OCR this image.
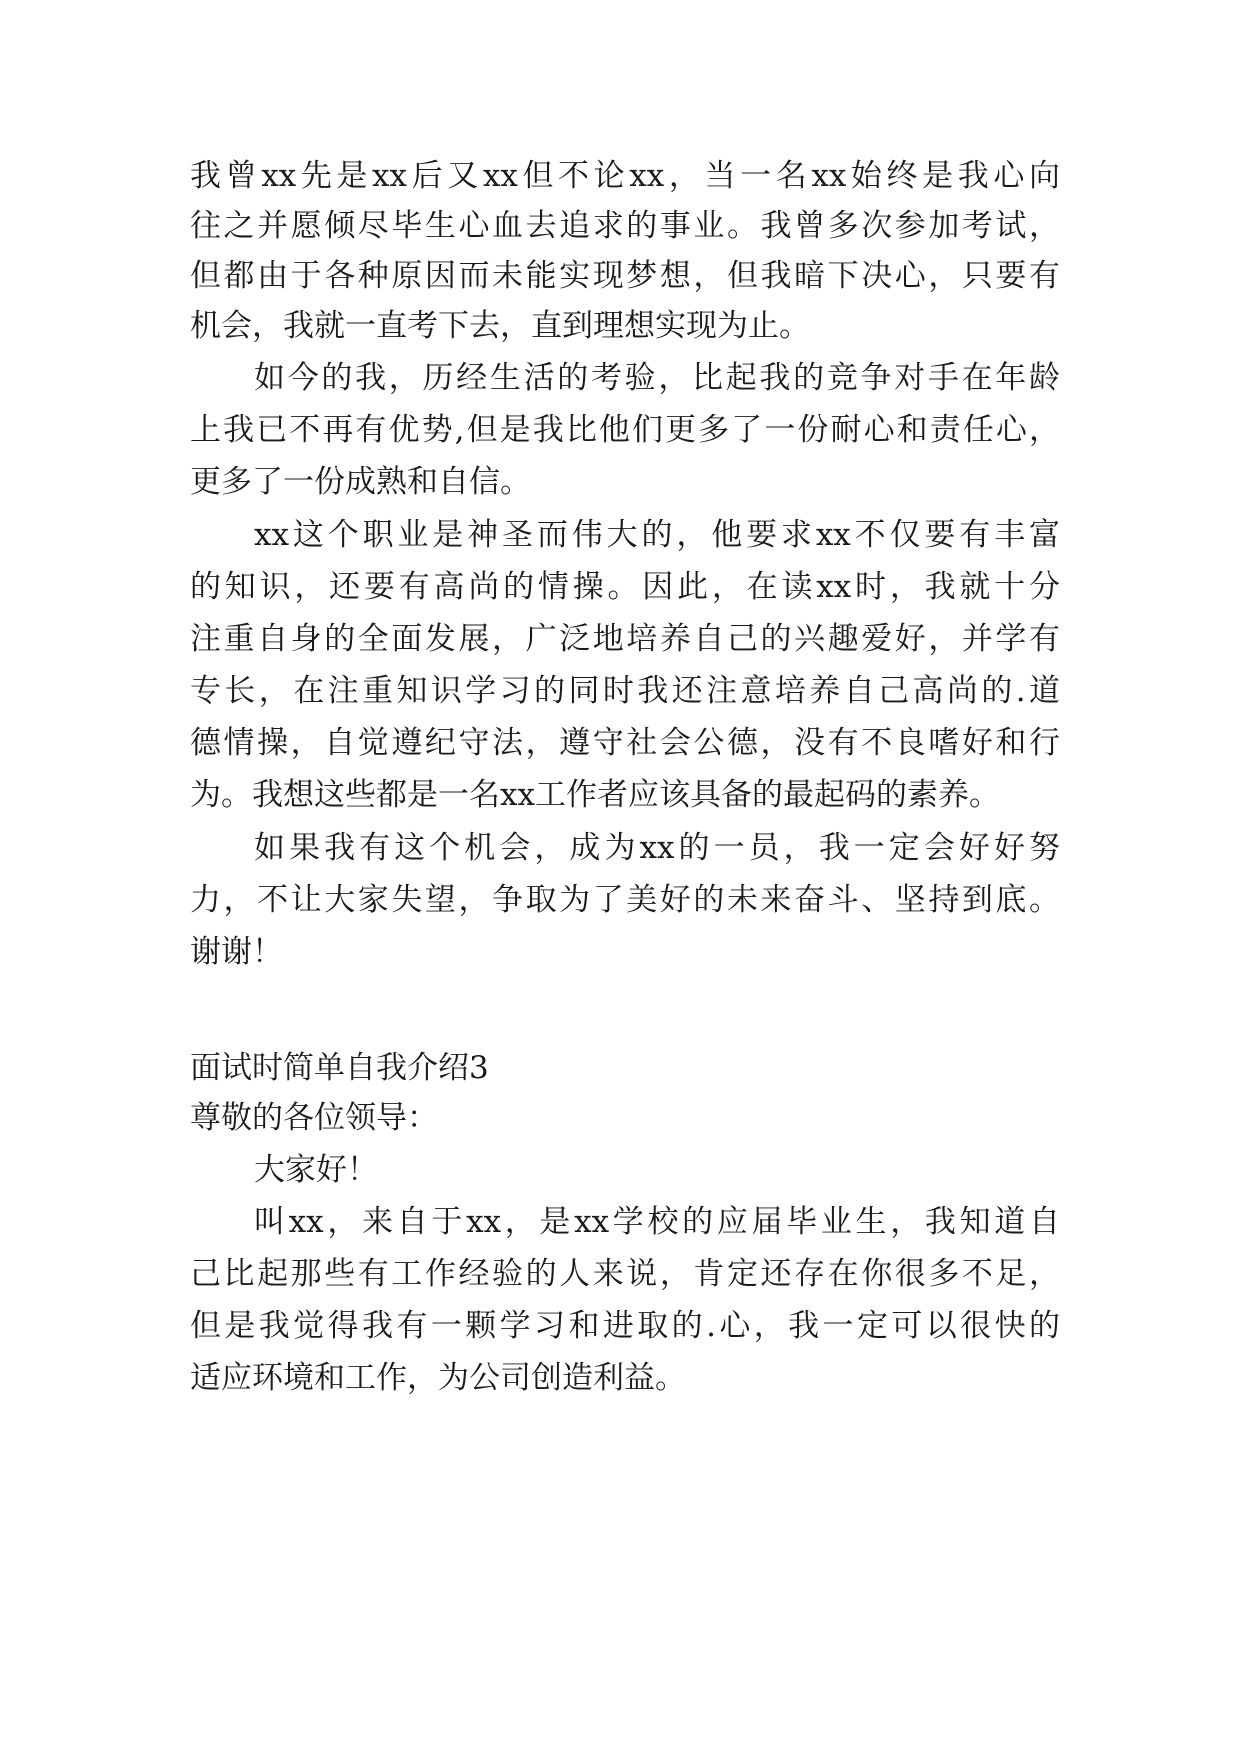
我曾xx先是xx后又xx但不论xx，当一名xx始终是我心向
往之并愿倾尽毕生心血去追求的事业。我曾多次参加考试，
但都由于各种原因而未能实现梦想，但我暗下决心，只要有
机会，我就一直考下去，直到理想实现为止。
如今的我，历经生活的考验，比起我的竞争对手在年龄
上我已不再有优势,但是我比他们更多了一份耐心和责任心，
更多了一份成熟和自信。
xx这个职业是神圣而伟大的，他要求xx不仅要有丰富
的知识，还要有高尚的情操。因此，在读xx时，我就十分
注重自身的全面发展，广泛地培养自己的兴趣爱好，并学有
专长，在注重知识学习的同时我还注意培养自己高尚的.道
德情操，自觉遵纪守法，遵守社会公德，没有不良嗜好和行
为。我想这些都是一名xx工作者应该具备的最起码的素养。
如果我有这个机会，成为xx的一员，我一定会好好努
力，不让大家失望，争取为了美好的未来奋斗、坚持到底。
谢谢！
面试时简单自我介绍3
尊敬的各位领导：
大家好！
叫xx，来自于xx，是xx学校的应届毕业生，我知道自
己比起那些有工作经验的人来说，肯定还存在你很多不足，
但是我觉得我有一颗学习和进取的.心，我一定可以很快的
适应环境和工作，为公司创造利益。
